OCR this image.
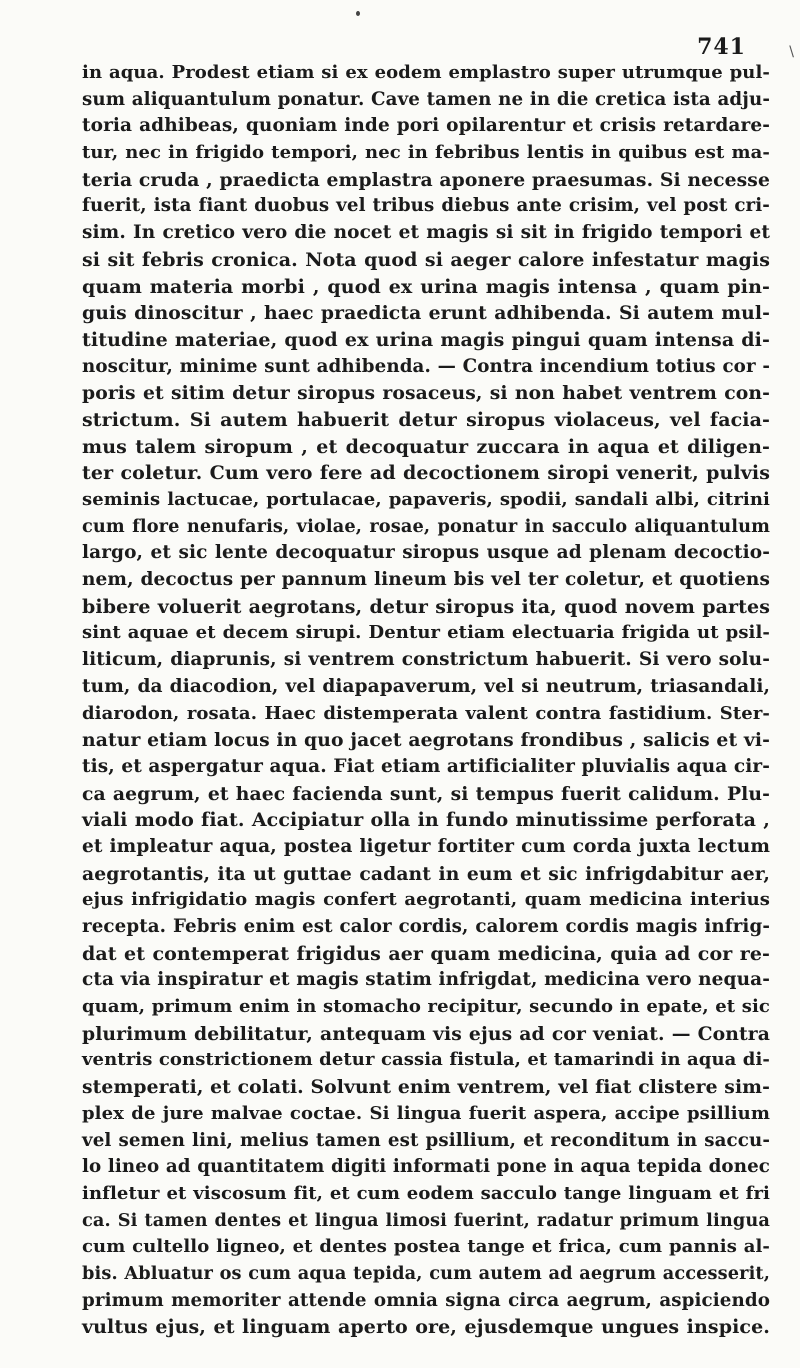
741	\
in aqua. Prodest etiam si ex eodem emplastro super utrumque pul-
sum aliquantulum ponatur. Cave tamen ne in die cretica ista adju-
toria adhibeas, quoniam inde pori opilarentur et crisis retardare-
tur, nec in frigido tempori, nec in febribus lentis in quibus est ma-
teria cruda , praedicta emplastra aponere praesumas. Si necesse
fuerit, ista fiant duobus vel tribus diebus ante crisim, vel post cri-
sim. In cretico vero die nocet et magis si sit in frigido tempori et
si sit febris cronica. Nota quod si aeger calore infestatur magis
quam materia morbi , quod ex urina magis intensa , quam pin-
guis dinoscitur , haec praedicta erunt adhibenda. Si autem mul-
titudine materiae, quod ex urina magis pingui quam intensa di-
noscitur, minime sunt adhibenda. — Contra incendium totius cor -
poris et sitim detur siropus rosaceus, si non habet ventrem con-
strictum. Si autem habuerit detur siropus violaceus, vel facia-
mus talem siropum , et decoquatur zuccara in aqua et diligen-
ter coletur. Cum vero fere ad decoctionem siropi venerit, pulvis
seminis lactucae, portulacae, papaveris, spodii, sandali albi, citrini
cum flore nenufaris, violae, rosae, ponatur in sacculo aliquantulum
largo, et sic lente decoquatur siropus usque ad plenam decoctio-
nem, decoctus per pannum lineum bis vel ter coletur, et quotiens
bibere voluerit aegrotans, detur siropus ita, quod novem partes
sint aquae et decem sirupi. Dentur etiam electuaria frigida ut psil-
liticum, diaprunis, si ventrem constrictum habuerit. Si vero solu-
tum, da diacodion, vel diapapaverum, vel si neutrum, triasandali,
diarodon, rosata. Haec distemperata valent contra fastidium. Ster-
natur etiam locus in quo jacet aegrotans frondibus , salicis et vi-
tis, et aspergatur aqua. Fiat etiam artificialiter pluvialis aqua cir-
ca aegrum, et haec facienda sunt, si tempus fuerit calidum. Plu-
viali modo fiat. Accipiatur olla in fundo minutissime perforata ,
et impleatur aqua, postea ligetur fortiter cum corda juxta lectum
aegrotantis, ita ut guttae cadant in eum et sic infrigdabitur aer,
ejus infrigidatio magis confert aegrotanti, quam medicina interius
recepta. Febris enim est calor cordis, calorem cordis magis infrig-
dat et contemperat frigidus aer quam medicina, quia ad cor re-
cta via inspiratur et magis statim infrigdat, medicina vero nequa-
quam, primum enim in stomacho recipitur, secundo in epate, et sic
plurimum debilitatur, antequam vis ejus ad cor veniat. — Contra
ventris constrictionem detur cassia fistula, et tamarindi in aqua di-
stemperati, et colati. Solvunt enim ventrem, vel fiat clistere sim-
plex de jure malvae coctae. Si lingua fuerit aspera, accipe psillium
vel semen lini, melius tamen est psillium, et reconditum in saccu-
lo lineo ad quantitatem digiti informati pone in aqua tepida donec
infletur et viscosum fit, et cum eodem sacculo tange linguam et fri
ca. Si tamen dentes et lingua limosi fuerint, radatur primum lingua
cum cultello ligneo, et dentes postea tange et frica, cum pannis al-
bis. Abluatur os cum aqua tepida, cum autem ad aegrum accesserit,
primum memoriter attende omnia signa circa aegrum, aspiciendo
vultus ejus, et linguam aperto ore, ejusdemque ungues inspice.
